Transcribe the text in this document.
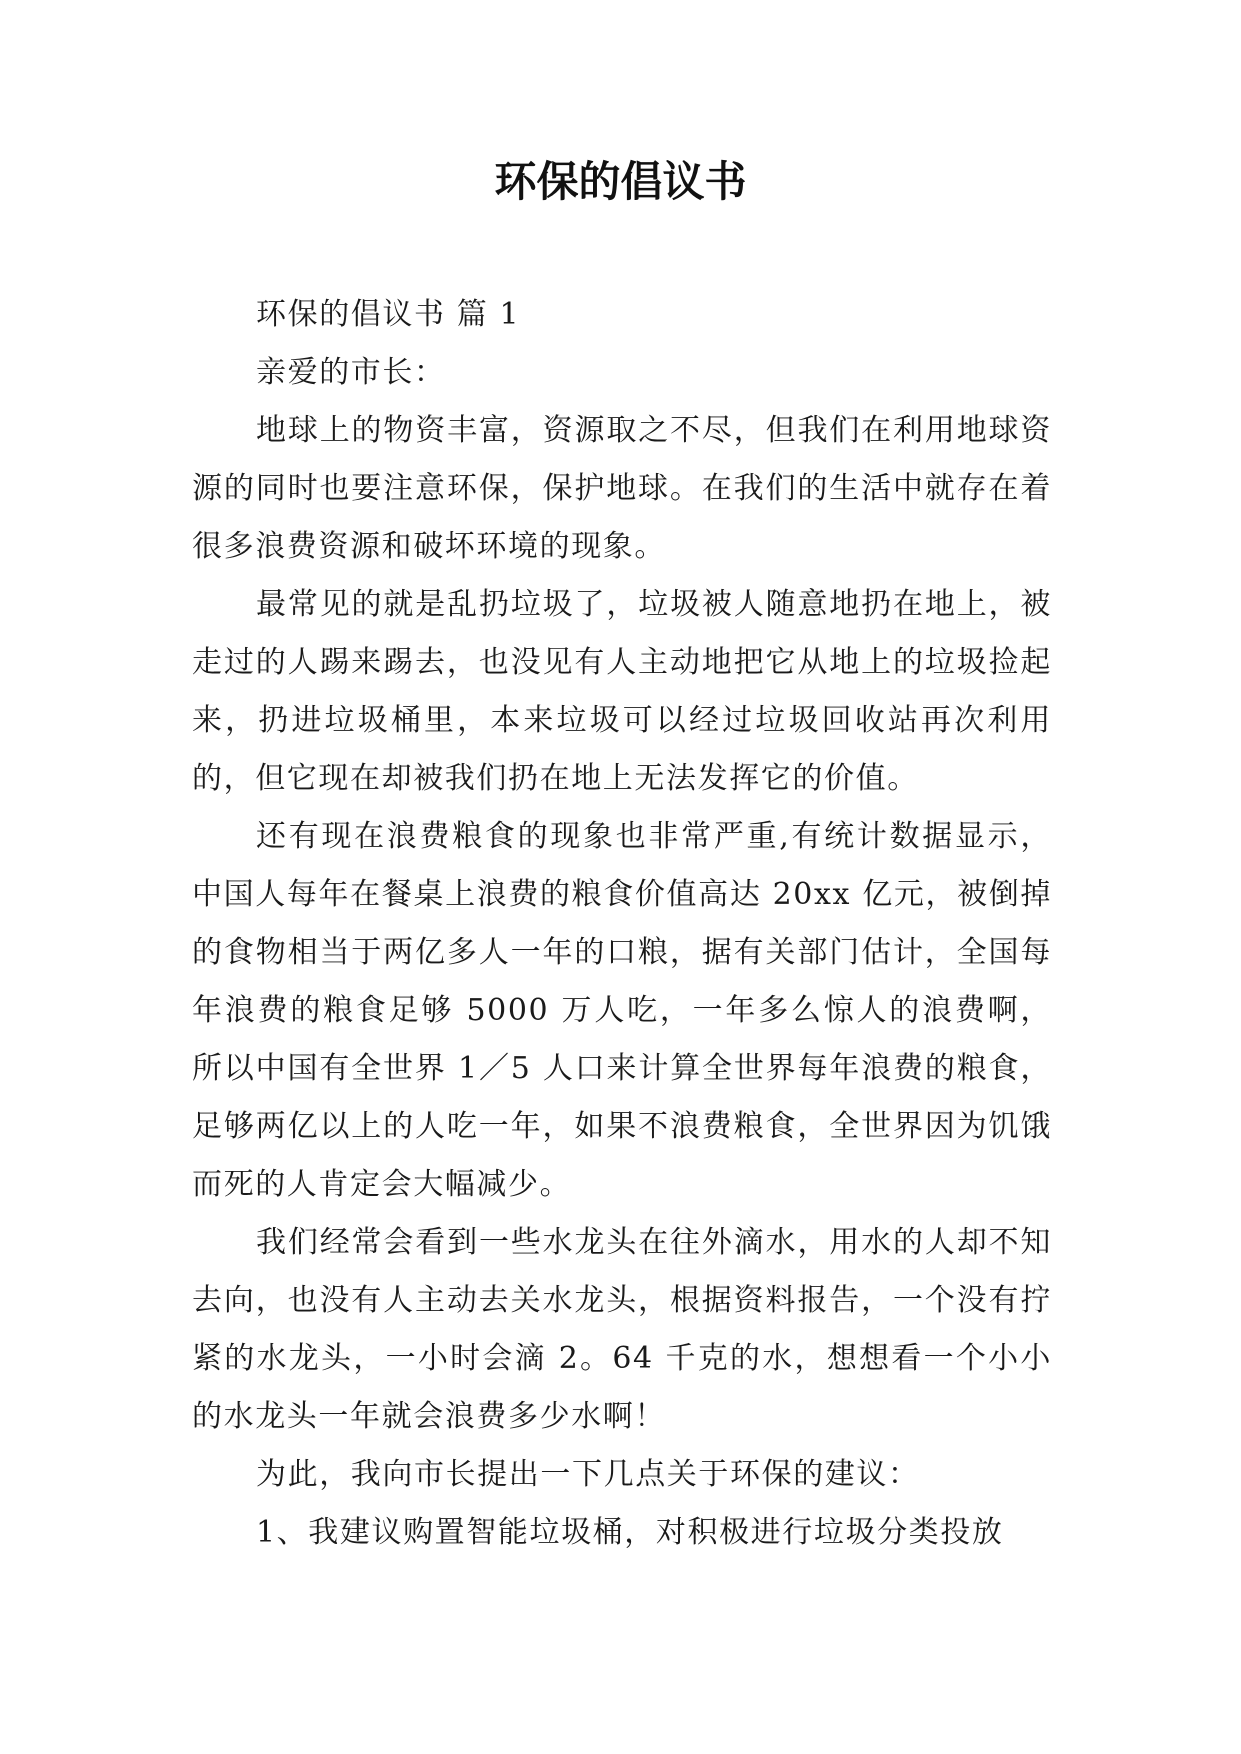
环保的倡议书

环保的倡议书 篇 1

亲爱的市长：

地球上的物资丰富，资源取之不尽，但我们在利用地球资源的同时也要注意环保，保护地球。在我们的生活中就存在着很多浪费资源和破坏环境的现象。

最常见的就是乱扔垃圾了，垃圾被人随意地扔在地上，被走过的人踢来踢去，也没见有人主动地把它从地上的垃圾捡起来，扔进垃圾桶里，本来垃圾可以经过垃圾回收站再次利用的，但它现在却被我们扔在地上无法发挥它的价值。

还有现在浪费粮食的现象也非常严重,有统计数据显示，中国人每年在餐桌上浪费的粮食价值高达 20xx 亿元，被倒掉的食物相当于两亿多人一年的口粮，据有关部门估计，全国每年浪费的粮食足够 5000 万人吃，一年多么惊人的浪费啊，所以中国有全世界 1／5 人口来计算全世界每年浪费的粮食，足够两亿以上的人吃一年，如果不浪费粮食，全世界因为饥饿而死的人肯定会大幅减少。

我们经常会看到一些水龙头在往外滴水，用水的人却不知去向，也没有人主动去关水龙头，根据资料报告，一个没有拧紧的水龙头，一小时会滴 2。64 千克的水，想想看一个小小的水龙头一年就会浪费多少水啊！

为此，我向市长提出一下几点关于环保的建议：

1、我建议购置智能垃圾桶，对积极进行垃圾分类投放
